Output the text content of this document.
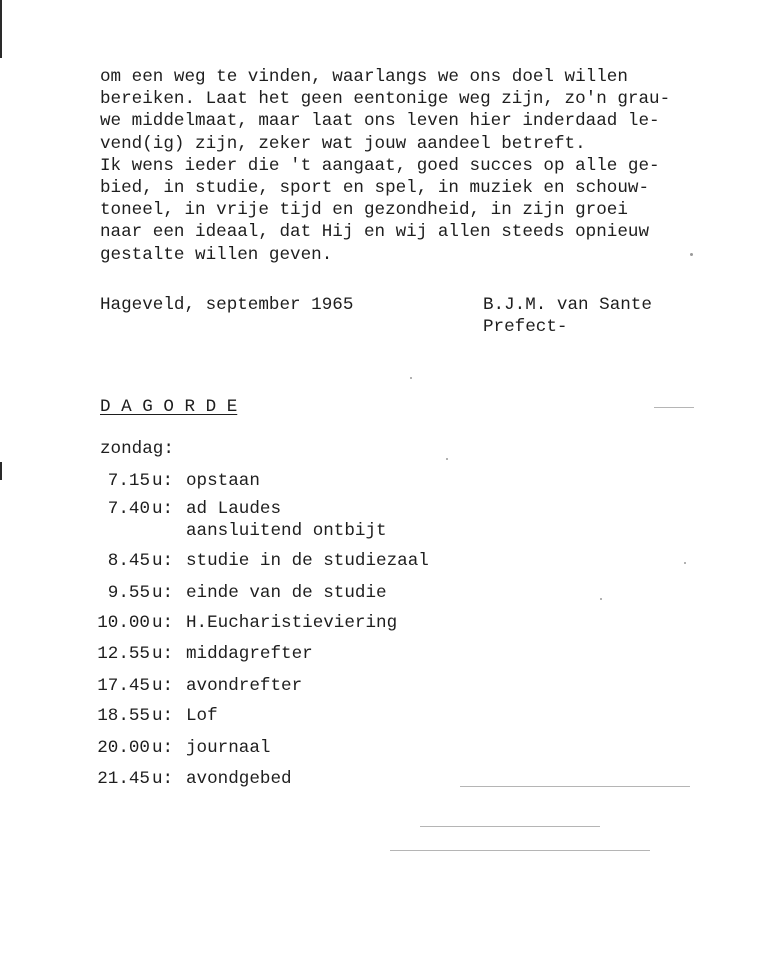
om een weg te vinden, waarlangs we ons doel willen
bereiken. Laat het geen eentonige weg zijn, zo'n grau-
we middelmaat, maar laat ons leven hier inderdaad le-
vend(ig) zijn, zeker wat jouw aandeel betreft.
Ik wens ieder die 't aangaat, goed succes op alle ge-
bied, in studie, sport en spel, in muziek en schouw-
toneel, in vrije tijd en gezondheid, in zijn groei
naar een ideaal, dat Hij en wij allen steeds opnieuw
gestalte willen geven.

Hageveld, september 1965	B.J.M. van Sante
Prefect-
D A G O R D E
zondag:
7.15 u: opstaan
7.40 u: ad Laudes
aansluitend ontbijt
8.45 u: studie in de studiezaal
9.55 u: einde van de studie
10.00 u: H.Eucharistieviering
12.55 u: middagrefter
17.45 u: avondrefter
18.55 u: Lof
20.00 u: journaal
21.45 u: avondgebed
